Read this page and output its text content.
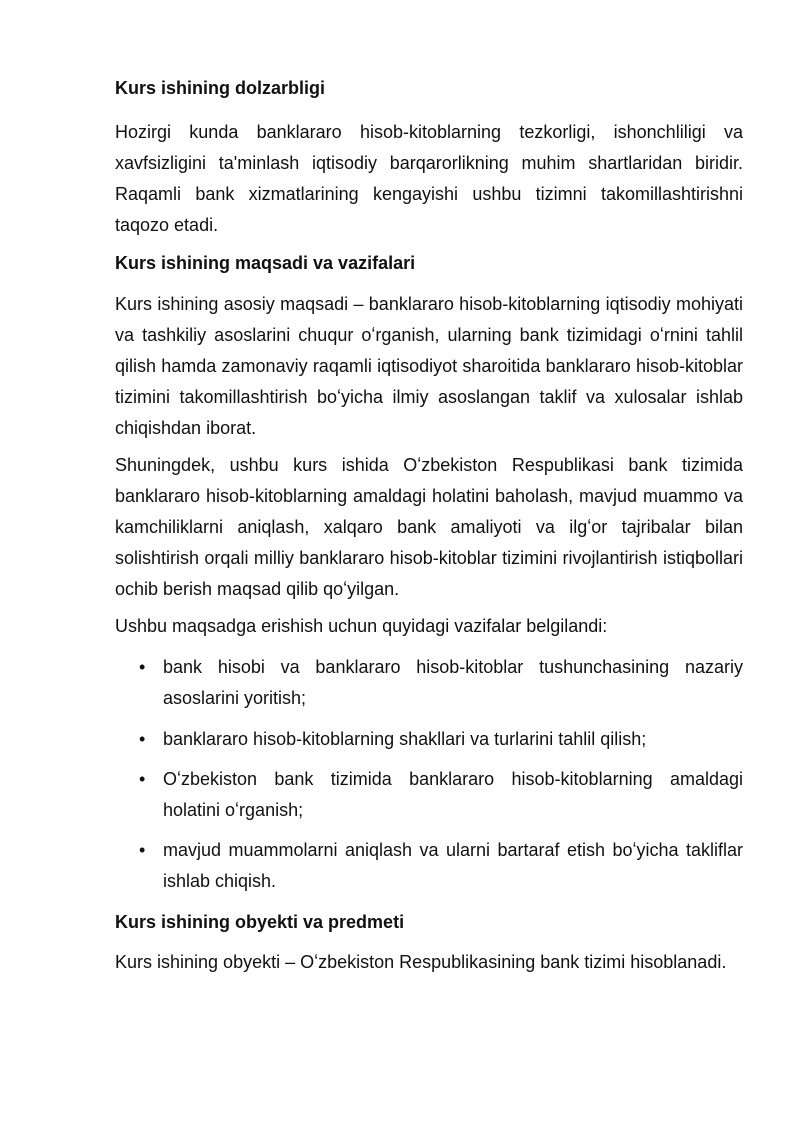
Kurs ishining dolzarbligi
Hozirgi kunda banklararo hisob-kitoblarning tezkorligi, ishonchliligi va xavfsizligini ta'minlash iqtisodiy barqarorlikning muhim shartlaridan biridir. Raqamli bank xizmatlarining kengayishi ushbu tizimni takomillashtirishni taqozo etadi.
Kurs ishining maqsadi va vazifalari
Kurs ishining asosiy maqsadi – banklararo hisob-kitoblarning iqtisodiy mohiyati va tashkiliy asoslarini chuqur oʻrganish, ularning bank tizimidagi oʻrnini tahlil qilish hamda zamonaviy raqamli iqtisodiyot sharoitida banklararo hisob-kitoblar tizimini takomillashtirish boʻyicha ilmiy asoslangan taklif va xulosalar ishlab chiqishdan iborat.
Shuningdek, ushbu kurs ishida Oʻzbekiston Respublikasi bank tizimida banklararo hisob-kitoblarning amaldagi holatini baholash, mavjud muammo va kamchiliklarni aniqlash, xalqaro bank amaliyoti va ilgʻor tajribalar bilan solishtirish orqali milliy banklararo hisob-kitoblar tizimini rivojlantirish istiqbollari ochib berish maqsad qilib qoʻyilgan.
Ushbu maqsadga erishish uchun quyidagi vazifalar belgilandi:
• bank hisobi va banklararo hisob-kitoblar tushunchasining nazariy asoslarini yoritish;
• banklararo hisob-kitoblarning shakllari va turlarini tahlil qilish;
• Oʻzbekiston bank tizimida banklararo hisob-kitoblarning amaldagi holatini oʻrganish;
• mavjud muammolarni aniqlash va ularni bartaraf etish boʻyicha takliflar ishlab chiqish.
Kurs ishining obyekti va predmeti
Kurs ishining obyekti – Oʻzbekiston Respublikasining bank tizimi hisoblanadi.
